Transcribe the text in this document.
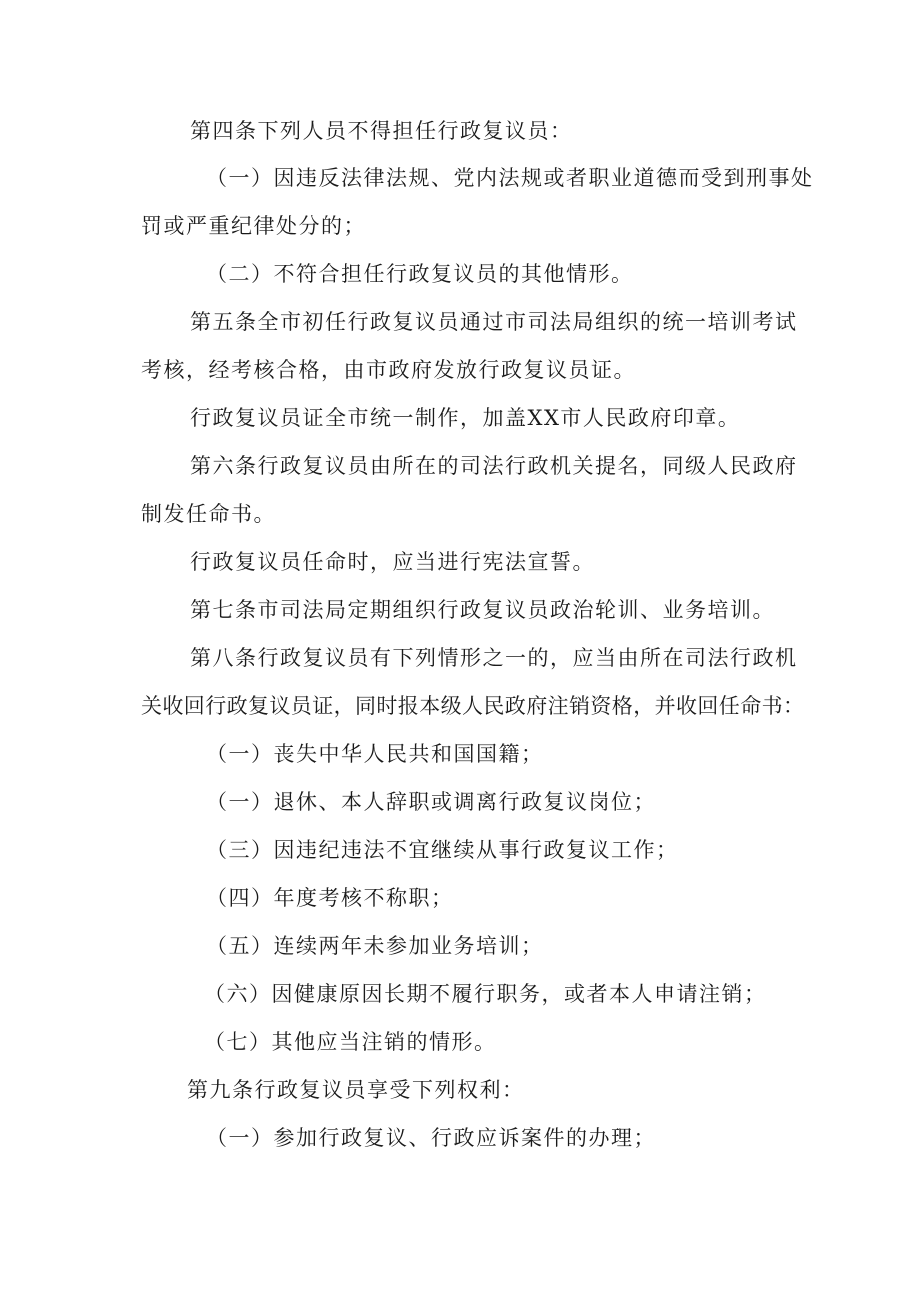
第四条下列人员不得担任行政复议员：

（一）因违反法律法规、党内法规或者职业道德而受到刑事处

罚或严重纪律处分的；

（二）不符合担任行政复议员的其他情形。

第五条全市初任行政复议员通过市司法局组织的统一培训考试

考核，经考核合格，由市政府发放行政复议员证。

行政复议员证全市统一制作，加盖XX市人民政府印章。

第六条行政复议员由所在的司法行政机关提名，同级人民政府

制发任命书。

行政复议员任命时，应当进行宪法宣誓。

第七条市司法局定期组织行政复议员政治轮训、业务培训。

第八条行政复议员有下列情形之一的，应当由所在司法行政机

关收回行政复议员证，同时报本级人民政府注销资格，并收回任命书：

（一）丧失中华人民共和国国籍；

（一）退休、本人辞职或调离行政复议岗位；

（三）因违纪违法不宜继续从事行政复议工作；

（四）年度考核不称职；

（五）连续两年未参加业务培训；

（六）因健康原因长期不履行职务，或者本人申请注销；

（七）其他应当注销的情形。

第九条行政复议员享受下列权利：

（一）参加行政复议、行政应诉案件的办理；
